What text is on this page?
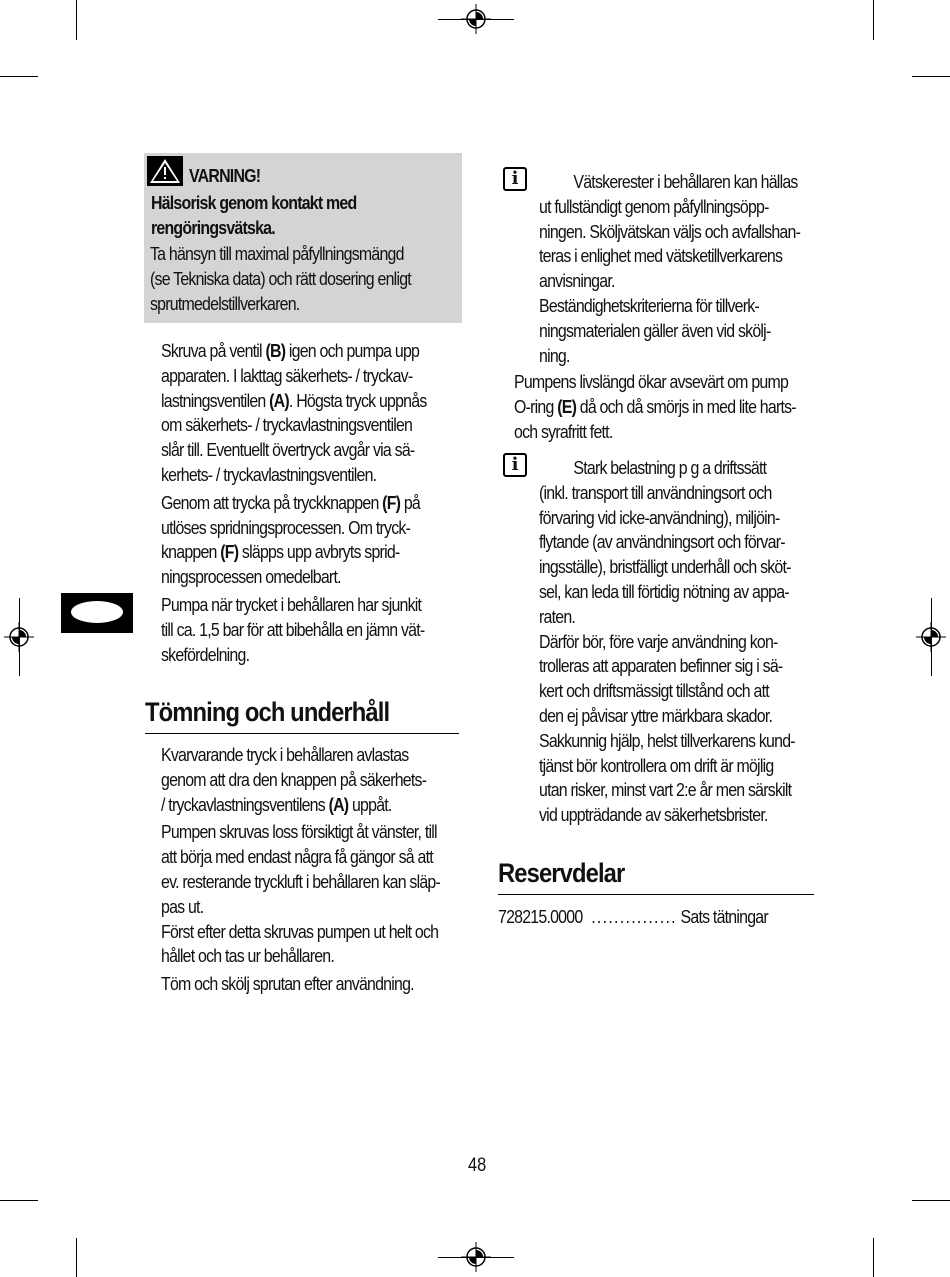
VARNING!

Hälsorisk genom kontakt med

rengöringsvätska.

Ta hänsyn till maximal påfyllningsmängd

(se Tekniska data) och rätt dosering enligt

sprutmedelstillverkaren.

Skruva på ventil (B) igen och pumpa upp

apparaten. I lakttag säkerhets- / tryckav-

lastningsventilen (A). Högsta tryck uppnås

om säkerhets- / tryckavlastningsventilen

slår till. Eventuellt övertryck avgår via sä-

kerhets- / tryckavlastningsventilen.

Genom att trycka på tryckknappen (F) på

utlöses spridningsprocessen. Om tryck-

knappen (F) släpps upp avbryts sprid-

ningsprocessen omedelbart.

Pumpa när trycket i behållaren har sjunkit

till ca. 1,5 bar för att bibehålla en jämn vät-

skefördelning.

Tömning och underhåll

Kvarvarande tryck i behållaren avlastas

genom att dra den knappen på säkerhets-

/ tryckavlastningsventilens (A) uppåt.

Pumpen skruvas loss försiktigt åt vänster, till

att börja med endast några få gängor så att

ev. resterande tryckluft i behållaren kan släp-

pas ut.

Först efter detta skruvas pumpen ut helt och

hållet och tas ur behållaren.

Töm och skölj sprutan efter användning.

i	Vätskerester i behållaren kan hällas

ut fullständigt genom påfyllningsöpp-

ningen. Sköljvätskan väljs och avfallshan-

teras i enlighet med vätsketillverkarens

anvisningar.

Beständighetskriterierna för tillverk-

ningsmaterialen gäller även vid skölj-

ning.

Pumpens livslängd ökar avsevärt om pump

O-ring (E) då och då smörjs in med lite harts-

och syrafritt fett.

i	Stark belastning p g a driftssätt

(inkl. transport till användningsort och

förvaring vid icke-användning), miljöin-

flytande (av användningsort och förvar-

ingsställe), bristfälligt underhåll och sköt-

sel, kan leda till förtidig nötning av appa-

raten.

Därför bör, före varje användning kon-

trolleras att apparaten befinner sig i sä-

kert och driftsmässigt tillstånd och att

den ej påvisar yttre märkbara skador.

Sakkunnig hjälp, helst tillverkarens kund-

tjänst bör kontrollera om drift är möjlig

utan risker, minst vart 2:e år men särskilt

vid uppträdande av säkerhetsbrister.

Reservdelar
728215.0000 ............... Sats tätningar
48
